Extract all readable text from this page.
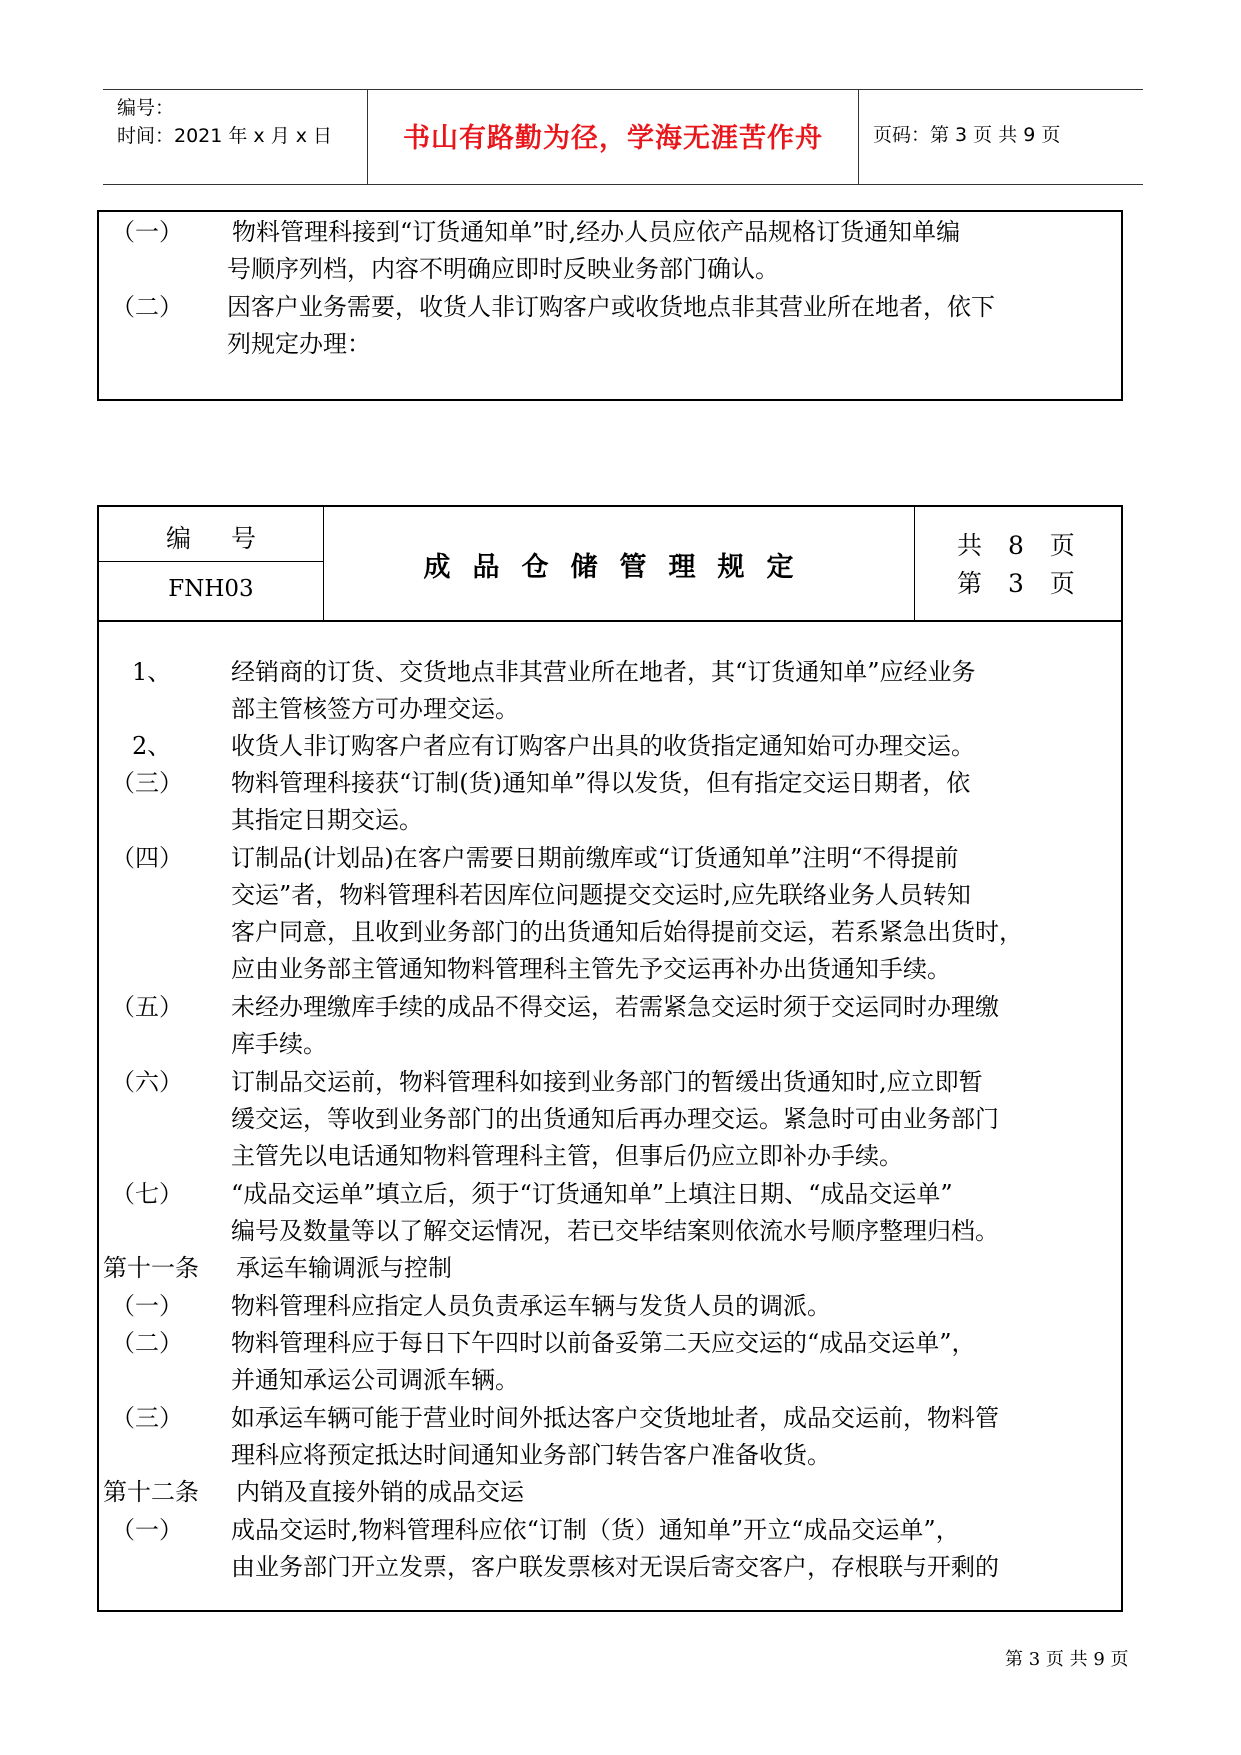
编号：
时间：2021 年 x 月 x 日	书山有路勤为径，学海无涯苦作舟	页码：第 3 页 共 9 页
（一） 物料管理科接到“订货通知单”时,经办人员应依产品规格订货通知单编
号顺序列档，内容不明确应即时反映业务部门确认。
（二） 因客户业务需要，收货人非订购客户或收货地点非其营业所在地者，依下
列规定办理：
编号
FNH03
成品仓储管理规定
共 8 页
第 3 页
1、 经销商的订货、交货地点非其营业所在地者，其“订货通知单”应经业务
部主管核签方可办理交运。
2、 收货人非订购客户者应有订购客户出具的收货指定通知始可办理交运。
（三） 物料管理科接获“订制(货)通知单”得以发货，但有指定交运日期者，依
其指定日期交运。
（四） 订制品(计划品)在客户需要日期前缴库或“订货通知单”注明“不得提前
交运”者，物料管理科若因库位问题提交交运时,应先联络业务人员转知
客户同意，且收到业务部门的出货通知后始得提前交运，若系紧急出货时，
应由业务部主管通知物料管理科主管先予交运再补办出货通知手续。
（五） 未经办理缴库手续的成品不得交运，若需紧急交运时须于交运同时办理缴
库手续。
（六） 订制品交运前，物料管理科如接到业务部门的暂缓出货通知时,应立即暂
缓交运，等收到业务部门的出货通知后再办理交运。紧急时可由业务部门
主管先以电话通知物料管理科主管，但事后仍应立即补办手续。
（七） “成品交运单”填立后，须于“订货通知单”上填注日期、“成品交运单”
编号及数量等以了解交运情况，若已交毕结案则依流水号顺序整理归档。
第十一条 承运车输调派与控制
（一） 物料管理科应指定人员负责承运车辆与发货人员的调派。
（二） 物料管理科应于每日下午四时以前备妥第二天应交运的“成品交运单”，
并通知承运公司调派车辆。
（三） 如承运车辆可能于营业时间外抵达客户交货地址者，成品交运前，物料管
理科应将预定抵达时间通知业务部门转告客户准备收货。
第十二条 内销及直接外销的成品交运
（一） 成品交运时,物料管理科应依“订制（货）通知单”开立“成品交运单”，
由业务部门开立发票，客户联发票核对无误后寄交客户，存根联与开剩的
第 3 页 共 9 页
